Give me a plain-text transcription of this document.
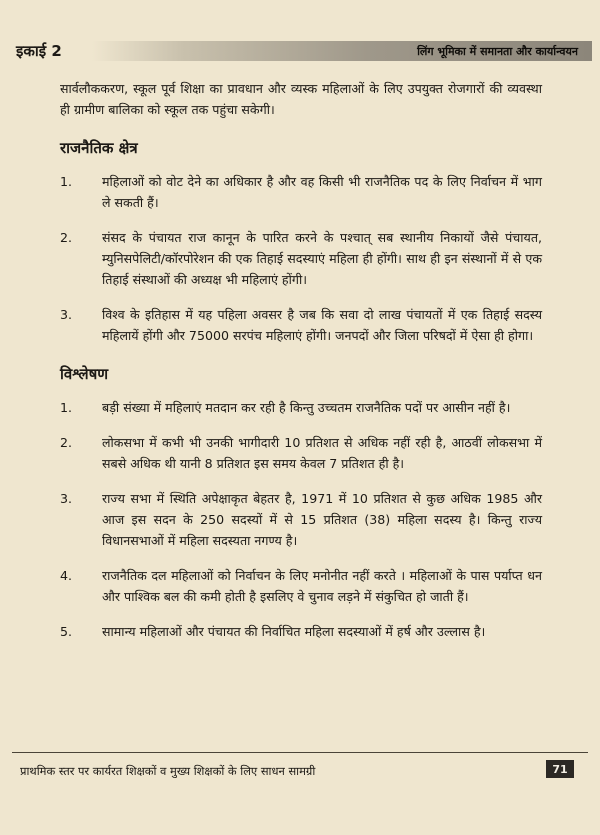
इकाई 2	लिंग भूमिका में समानता और कार्यान्वयन

सार्वलौककरण, स्कूल पूर्व शिक्षा का प्रावधान और व्यस्क महिलाओं के लिए उपयुक्त रोजगारों की व्यवस्था ही ग्रामीण बालिका को स्कूल तक पहुंचा सकेगी।

राजनैतिक क्षेत्र
1. महिलाओं को वोट देने का अधिकार है और वह किसी भी राजनैतिक पद के लिए निर्वाचन में भाग ले सकती हैं।
2. संसद के पंचायत राज कानून के पारित करने के पश्चात् सब स्थानीय निकायों जैसे पंचायत, म्युनिसपेलिटी/कॉरपोरेशन की एक तिहाई सदस्याएं महिला ही होंगी। साथ ही इन संस्थानों में से एक तिहाई संस्थाओं की अध्यक्ष भी महिलाएं होंगी।
3. विश्व के इतिहास में यह पहिला अवसर है जब कि सवा दो लाख पंचायतों में एक तिहाई सदस्य महिलायें होंगी और 75000 सरपंच महिलाएं होंगी। जनपदों और जिला परिषदों में ऐसा ही होगा।
विश्लेषण
1. बड़ी संख्या में महिलाएं मतदान कर रही है किन्तु उच्चतम राजनैतिक पदों पर आसीन नहीं है।
2. लोकसभा में कभी भी उनकी भागीदारी 10 प्रतिशत से अधिक नहीं रही है, आठवीं लोकसभा में सबसे अधिक थी यानी 8 प्रतिशत इस समय केवल 7 प्रतिशत ही है।
3. राज्य सभा में स्थिति अपेक्षाकृत बेहतर है, 1971 में 10 प्रतिशत से कुछ अधिक 1985 और आज इस सदन के 250 सदस्यों में से 15 प्रतिशत (38) महिला सदस्य है। किन्तु राज्य विधानसभाओं में महिला सदस्यता नगण्य है।
4. राजनैतिक दल महिलाओं को निर्वाचन के लिए मनोनीत नहीं करते । महिलाओं के पास पर्याप्त धन और पाश्विक बल की कमी होती है इसलिए वे चुनाव लड़ने में संकुचित हो जाती हैं।
5. सामान्य महिलाओं और पंचायत की निर्वाचित महिला सदस्याओं में हर्ष और उल्लास है।
प्राथमिक स्तर पर कार्यरत शिक्षकों व मुख्य शिक्षकों के लिए साधन सामग्री	71
